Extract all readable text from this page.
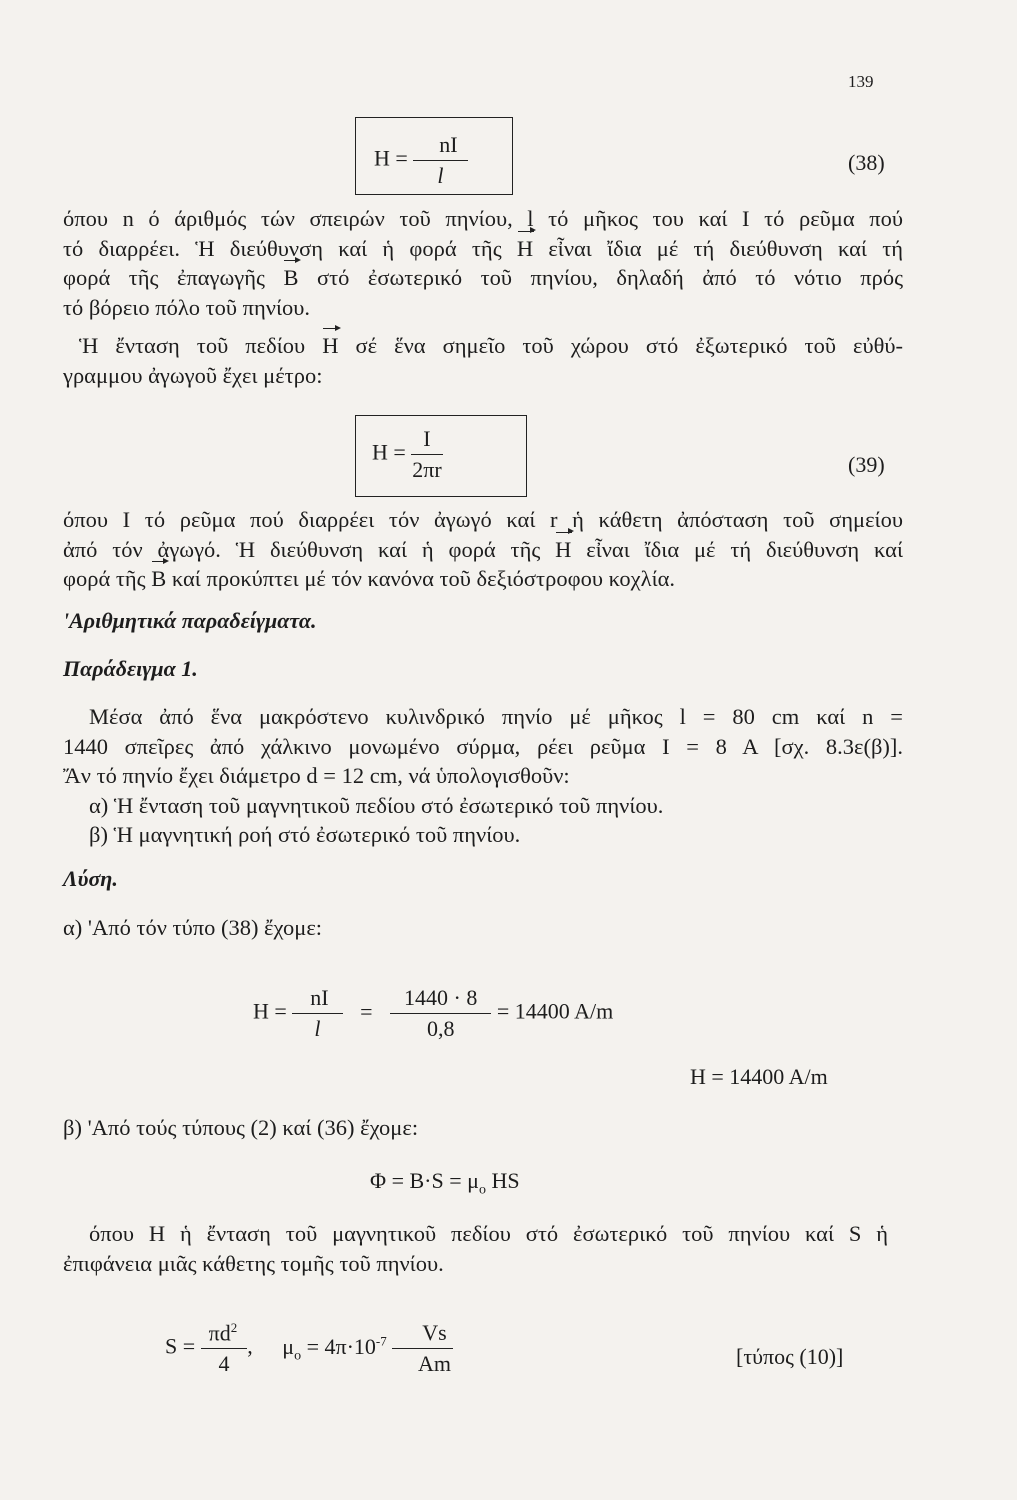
139
$H = \frac{nI}{l}$	(38)
όπου n ό άριθμός τών σπειρών τοῦ πηνίου, l τό μῆκος του καί I τό ρεῦμα πού
τό διαρρέει. Ἡ διεύθυνση καί ἡ φορά τῆς H εἶναι ἴδια μέ τή διεύθυνση καί τή
φορά τῆς ἐπαγωγῆς B στό ἐσωτερικό τοῦ πηνίου, δηλαδή ἀπό τό νότιο πρός
τό βόρειο πόλο τοῦ πηνίου.
Ἡ ἔνταση τοῦ πεδίου H σέ ἕνα σημεῖο τοῦ χώρου στό ἐξωτερικό τοῦ εὐθύ-
γραμμου ἀγωγοῦ ἔχει μέτρο:
$H = \frac{I}{2\pi r}$	(39)
όπου I τό ρεῦμα πού διαρρέει τόν ἀγωγό καί r ἡ κάθετη ἀπόσταση τοῦ σημείου
ἀπό τόν ἀγωγό. Ἡ διεύθυνση καί ἡ φορά τῆς H εἶναι ἴδια μέ τή διεύθυνση καί
φορά τῆς B καί προκύπτει μέ τόν κανόνα τοῦ δεξιόστροφου κοχλία.
'Αριθμητικά παραδείγματα.
Παράδειγμα 1.
Μέσα ἀπό ἕνα μακρόστενο κυλινδρικό πηνίο μέ μῆκος l = 80 cm καί n =
1440 σπεῖρες ἀπό χάλκινο μονωμένο σύρμα, ρέει ρεῦμα I = 8 A [σχ. 8.3ε(β)].
Ἄν τό πηνίο ἔχει διάμετρο d = 12 cm, νά ὑπολογισθοῦν:
α) Ἡ ἔνταση τοῦ μαγνητικοῦ πεδίου στό ἐσωτερικό τοῦ πηνίου.
β) Ἡ μαγνητική ροή στό ἐσωτερικό τοῦ πηνίου.
Λύση.
α) 'Από τόν τύπο (38) ἔχομε:
$H = \frac{nI}{l} = \frac{1440 \cdot 8}{0,8} = 14400$ A/m
H = 14400 A/m
β) 'Από τούς τύπους (2) καί (36) ἔχομε:
$\Phi = B\cdot S = \mu_o$ HS
όπου H ἡ ἔνταση τοῦ μαγνητικοῦ πεδίου στό ἐσωτερικό τοῦ πηνίου καί S ἡ
ἐπιφάνεια μιᾶς κάθετης τομῆς τοῦ πηνίου.
$S = \frac{\pi d^2}{4}$ , $\mu_o = 4\pi\cdot 10^{-7} \frac{Vs}{Am}$	[τύπος (10)]
